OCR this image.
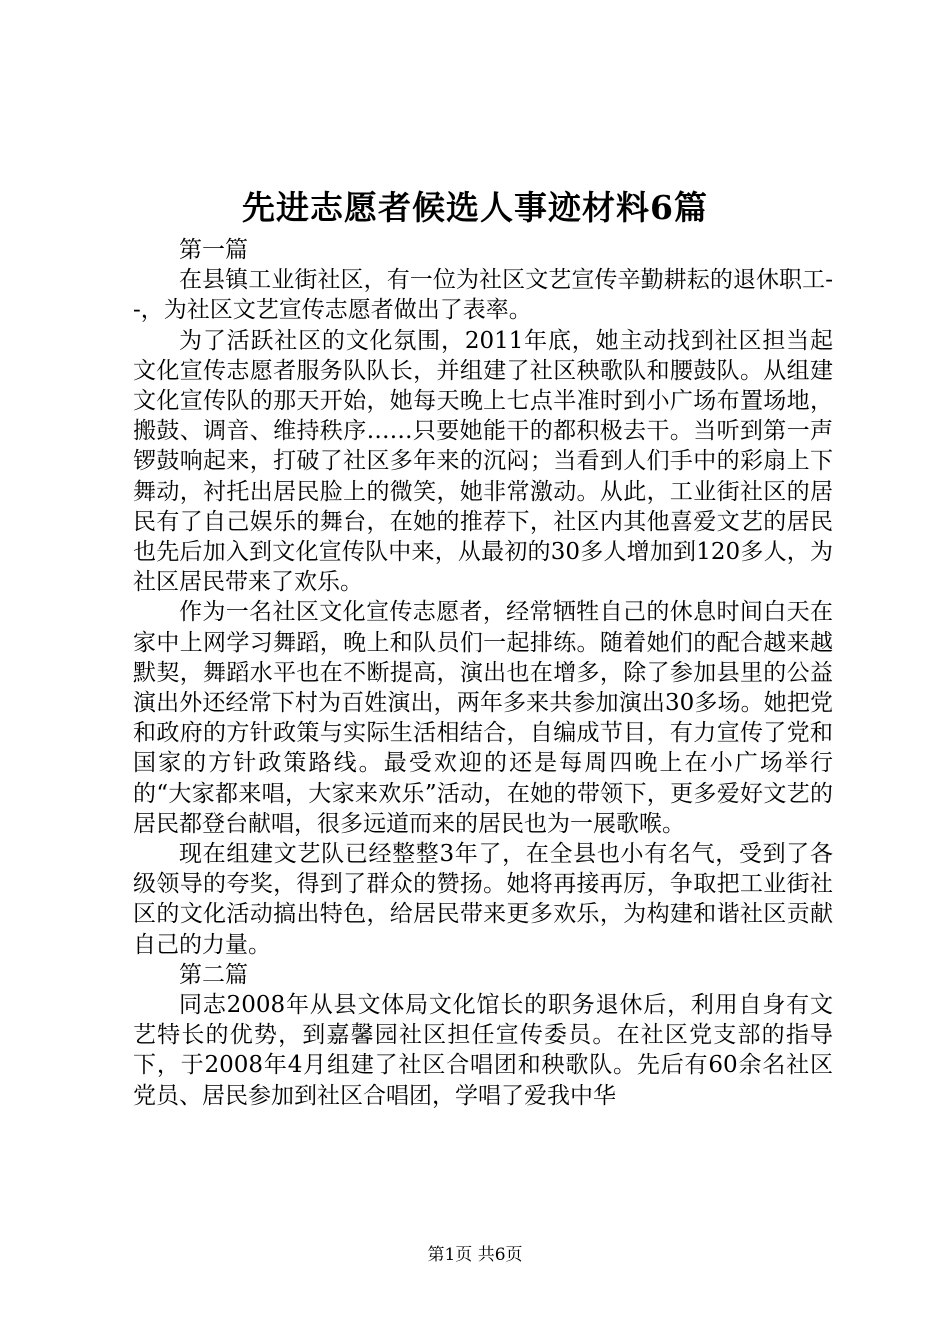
先进志愿者候选人事迹材料6篇

第一篇

在县镇工业街社区，有一位为社区文艺宣传辛勤耕耘的退休职工--，为社区文艺宣传志愿者做出了表率。

为了活跃社区的文化氛围，2011年底，她主动找到社区担当起文化宣传志愿者服务队队长，并组建了社区秧歌队和腰鼓队。从组建文化宣传队的那天开始，她每天晚上七点半准时到小广场布置场地，搬鼓、调音、维持秩序……只要她能干的都积极去干。当听到第一声锣鼓响起来，打破了社区多年来的沉闷；当看到人们手中的彩扇上下舞动，衬托出居民脸上的微笑，她非常激动。从此，工业街社区的居民有了自己娱乐的舞台，在她的推荐下，社区内其他喜爱文艺的居民也先后加入到文化宣传队中来，从最初的30多人增加到120多人，为社区居民带来了欢乐。

作为一名社区文化宣传志愿者，经常牺牲自己的休息时间白天在家中上网学习舞蹈，晚上和队员们一起排练。随着她们的配合越来越默契，舞蹈水平也在不断提高，演出也在增多，除了参加县里的公益演出外还经常下村为百姓演出，两年多来共参加演出30多场。她把党和政府的方针政策与实际生活相结合，自编成节目，有力宣传了党和国家的方针政策路线。最受欢迎的还是每周四晚上在小广场举行的“大家都来唱，大家来欢乐”活动，在她的带领下，更多爱好文艺的居民都登台献唱，很多远道而来的居民也为一展歌喉。

现在组建文艺队已经整整3年了，在全县也小有名气，受到了各级领导的夸奖，得到了群众的赞扬。她将再接再厉，争取把工业街社区的文化活动搞出特色，给居民带来更多欢乐，为构建和谐社区贡献自己的力量。

第二篇

同志2008年从县文体局文化馆长的职务退休后，利用自身有文艺特长的优势，到嘉馨园社区担任宣传委员。在社区党支部的指导下，于2008年4月组建了社区合唱团和秧歌队。先后有60余名社区党员、居民参加到社区合唱团，学唱了爱我中华

第1页 共6页
